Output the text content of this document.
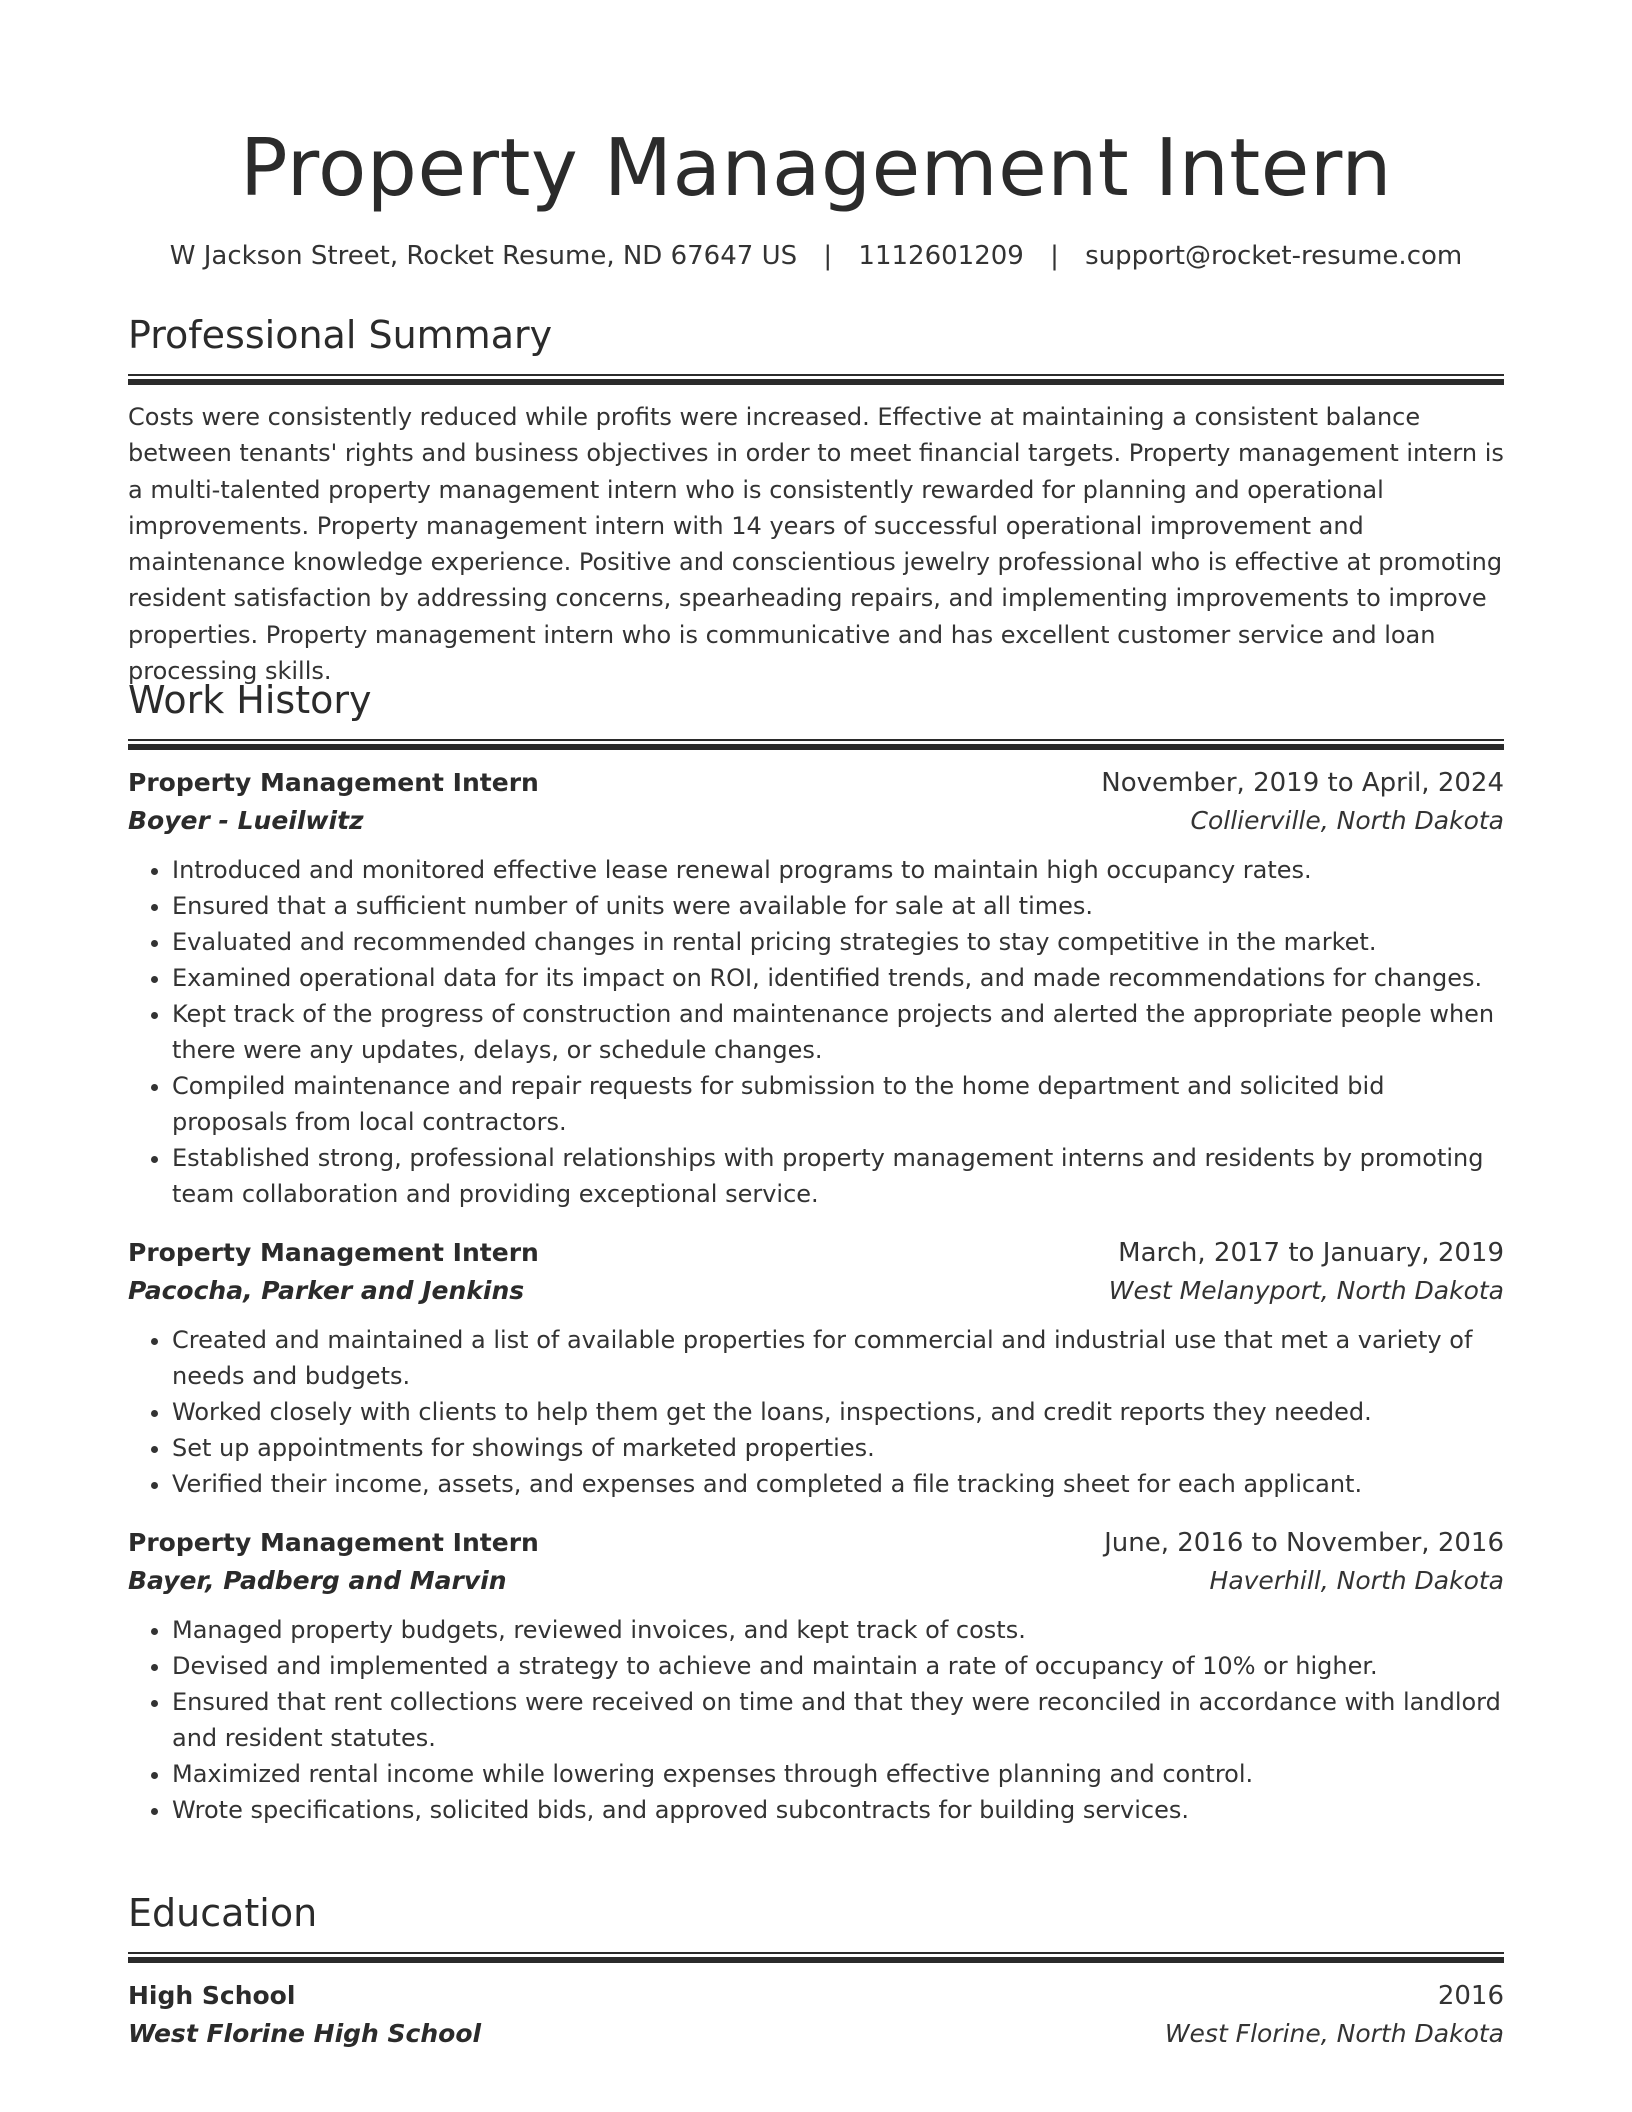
Property Management Intern
W Jackson Street, Rocket Resume, ND 67647 US | 1112601209 | support@rocket-resume.com
Professional Summary

Costs were consistently reduced while profits were increased. Effective at maintaining a consistent balance between tenants' rights and business objectives in order to meet financial targets. Property management intern is a multi-talented property management intern who is consistently rewarded for planning and operational improvements. Property management intern with 14 years of successful operational improvement and maintenance knowledge experience. Positive and conscientious jewelry professional who is effective at promoting resident satisfaction by addressing concerns, spearheading repairs, and implementing improvements to improve properties. Property management intern who is communicative and has excellent customer service and loan processing skills.

Work History
Property Management Intern	November, 2019 to April, 2024
Boyer - Lueilwitz	Collierville, North Dakota
• Introduced and monitored effective lease renewal programs to maintain high occupancy rates.
• Ensured that a sufficient number of units were available for sale at all times.
• Evaluated and recommended changes in rental pricing strategies to stay competitive in the market.
• Examined operational data for its impact on ROI, identified trends, and made recommendations for changes.
• Kept track of the progress of construction and maintenance projects and alerted the appropriate people when there were any updates, delays, or schedule changes.
• Compiled maintenance and repair requests for submission to the home department and solicited bid proposals from local contractors.
• Established strong, professional relationships with property management interns and residents by promoting team collaboration and providing exceptional service.
Property Management Intern	March, 2017 to January, 2019
Pacocha, Parker and Jenkins	West Melanyport, North Dakota
• Created and maintained a list of available properties for commercial and industrial use that met a variety of needs and budgets.
• Worked closely with clients to help them get the loans, inspections, and credit reports they needed.
• Set up appointments for showings of marketed properties.
• Verified their income, assets, and expenses and completed a file tracking sheet for each applicant.
Property Management Intern	June, 2016 to November, 2016
Bayer, Padberg and Marvin	Haverhill, North Dakota
• Managed property budgets, reviewed invoices, and kept track of costs.
• Devised and implemented a strategy to achieve and maintain a rate of occupancy of 10% or higher.
• Ensured that rent collections were received on time and that they were reconciled in accordance with landlord and resident statutes.
• Maximized rental income while lowering expenses through effective planning and control.
• Wrote specifications, solicited bids, and approved subcontracts for building services.
Education
High School	2016
West Florine High School	West Florine, North Dakota
